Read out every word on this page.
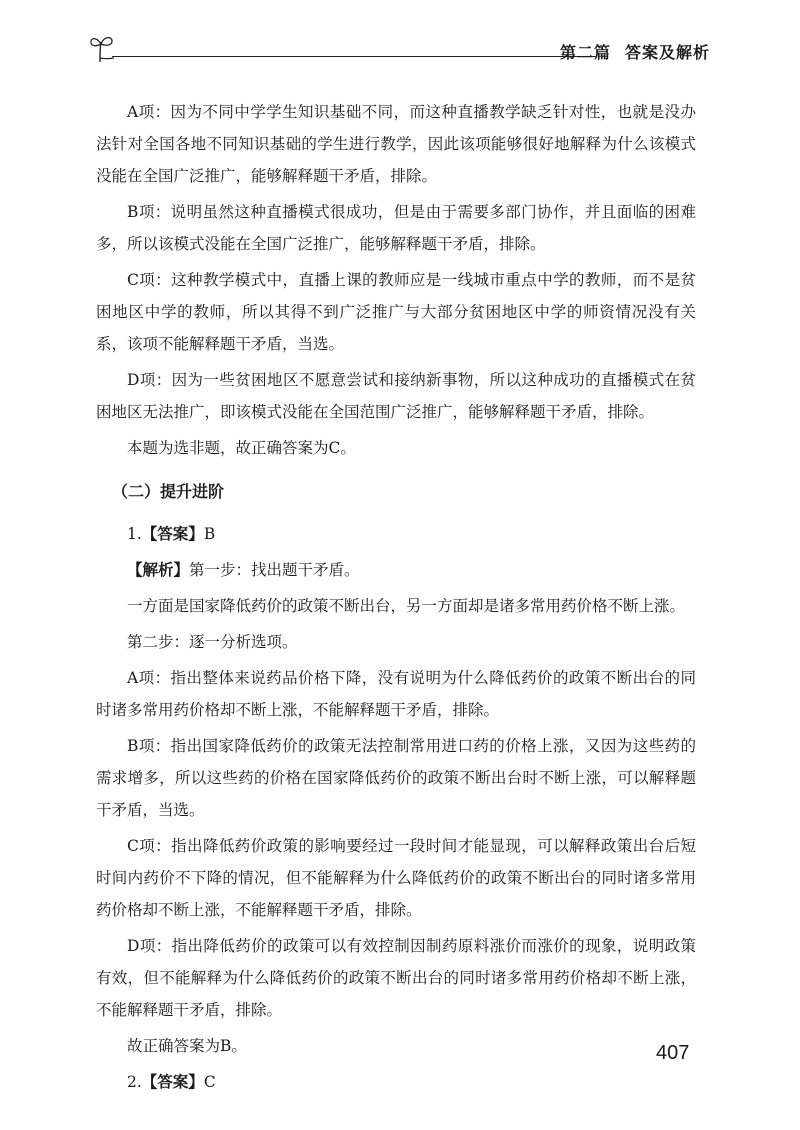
第二篇 答案及解析

A项：因为不同中学学生知识基础不同，而这种直播教学缺乏针对性，也就是没办法针对全国各地不同知识基础的学生进行教学，因此该项能够很好地解释为什么该模式没能在全国广泛推广，能够解释题干矛盾，排除。

B项：说明虽然这种直播模式很成功，但是由于需要多部门协作，并且面临的困难多，所以该模式没能在全国广泛推广，能够解释题干矛盾，排除。

C项：这种教学模式中，直播上课的教师应是一线城市重点中学的教师，而不是贫困地区中学的教师，所以其得不到广泛推广与大部分贫困地区中学的师资情况没有关系，该项不能解释题干矛盾，当选。

D项：因为一些贫困地区不愿意尝试和接纳新事物，所以这种成功的直播模式在贫困地区无法推广，即该模式没能在全国范围广泛推广，能够解释题干矛盾，排除。

本题为选非题，故正确答案为C。

（二）提升进阶

1.【答案】B

【解析】第一步：找出题干矛盾。

一方面是国家降低药价的政策不断出台，另一方面却是诸多常用药价格不断上涨。

第二步：逐一分析选项。

A项：指出整体来说药品价格下降，没有说明为什么降低药价的政策不断出台的同时诸多常用药价格却不断上涨，不能解释题干矛盾，排除。

B项：指出国家降低药价的政策无法控制常用进口药的价格上涨，又因为这些药的需求增多，所以这些药的价格在国家降低药价的政策不断出台时不断上涨，可以解释题干矛盾，当选。

C项：指出降低药价政策的影响要经过一段时间才能显现，可以解释政策出台后短时间内药价不下降的情况，但不能解释为什么降低药价的政策不断出台的同时诸多常用药价格却不断上涨，不能解释题干矛盾，排除。

D项：指出降低药价的政策可以有效控制因制药原料涨价而涨价的现象，说明政策有效，但不能解释为什么降低药价的政策不断出台的同时诸多常用药价格却不断上涨，不能解释题干矛盾，排除。

故正确答案为B。

2.【答案】C

407
